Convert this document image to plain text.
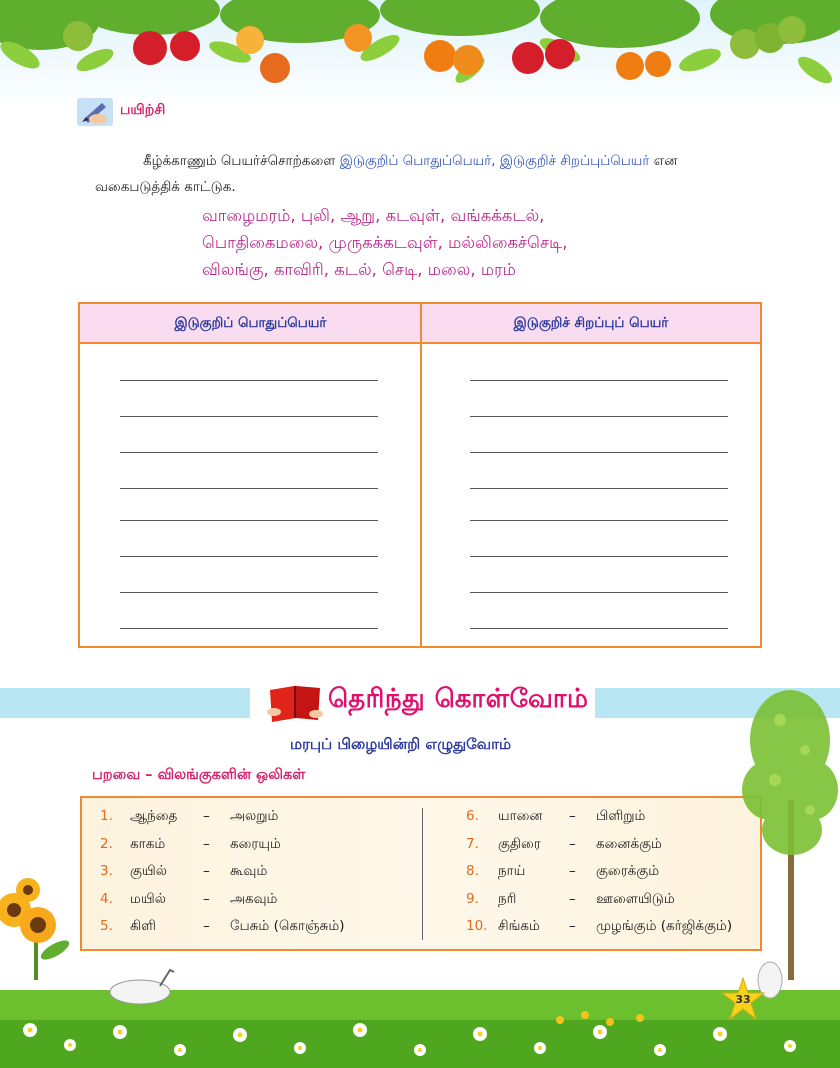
பயிற்சி
கீழ்க்காணும் பெயர்ச்சொற்களை இடுகுறிப் பொதுப்பெயர், இடுகுறிச் சிறப்புப்பெயர் என வகைபடுத்திக் காட்டுக.
வாழைமரம், புலி, ஆறு, கடவுள், வங்கக்கடல்,
பொதிகைமலை, முருகக்கடவுள், மல்லிகைச்செடி,
விலங்கு, காவிரி, கடல், செடி, மலை, மரம்
இடுகுறிப் பொதுப்பெயர்	இடுகுறிச் சிறப்புப் பெயர்
தெரிந்து கொள்வோம்
மரபுப் பிழையின்றி எழுதுவோம்
பறவை – விலங்குகளின் ஒலிகள்
1. ஆந்தை – அலறும்
2. காகம்	– கரையும்
3. குயில்	– கூவும்
4. மயில்	– அகவும்
5. கிளி	– பேசும் (கொஞ்சும்)
6. யானை – பிளிறும்
7. குதிரை – கனைக்கும்
8. நாய்	– குரைக்கும்
9. நரி	– ஊளையிடும்
10. சிங்கம் – முழங்கும் (கர்ஜிக்கும்)
33
